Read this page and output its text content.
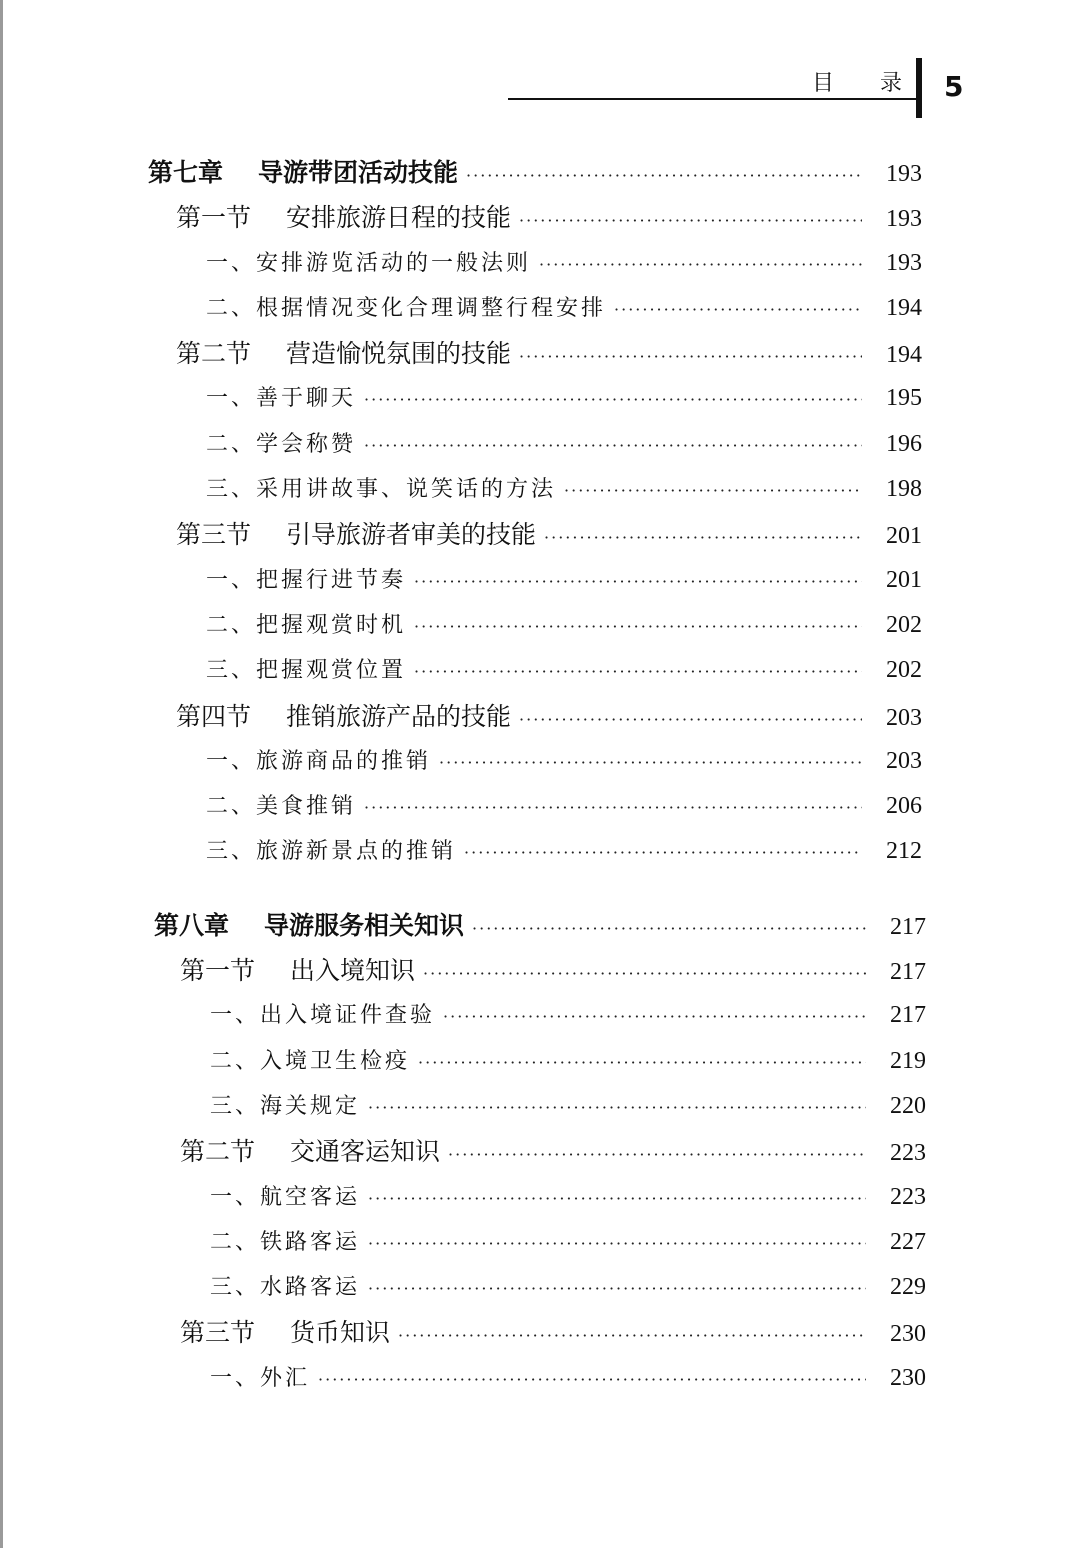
目 录 5
第七章 导游带团活动技能 ·····	193
第一节 安排旅游日程的技能 ·····	193
一、安排游览活动的一般法则 ·····	193
二、根据情况变化合理调整行程安排 ·····	194
第二节 营造愉悦氛围的技能 ·····	194
一、善于聊天 ·····	195
二、学会称赞 ·····	196
三、采用讲故事、说笑话的方法 ·····	198
第三节 引导旅游者审美的技能 ·····	201
一、把握行进节奏 ·····	201
二、把握观赏时机 ·····	202
三、把握观赏位置 ·····	202
第四节 推销旅游产品的技能 ·····	203
一、旅游商品的推销 ·····	203
二、美食推销 ·····	206
三、旅游新景点的推销 ·····	212
第八章 导游服务相关知识 ·····	217
第一节 出入境知识 ·····	217
一、出入境证件查验 ·····	217
二、入境卫生检疫 ·····	219
三、海关规定 ·····	220
第二节 交通客运知识 ·····	223
一、航空客运 ·····	223
二、铁路客运 ·····	227
三、水路客运 ·····	229
第三节 货币知识 ·····	230
一、外汇 ·····	230
